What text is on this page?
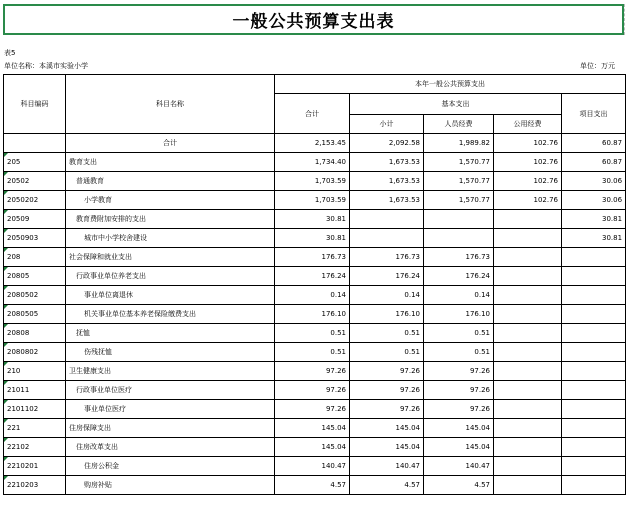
一般公共预算支出表
表5
单位名称：本溪市实验小学	单位：万元
科目编码	科目名称	本年一般公共预算支出				
		合计	基本支出			项目支出
			小计	人员经费	公用经费	
	合计	2,153.45	2,092.58	1,989.82	102.76	60.87
205	教育支出	1,734.40	1,673.53	1,570.77	102.76	60.87
20502	普通教育	1,703.59	1,673.53	1,570.77	102.76	30.06
2050202	小学教育	1,703.59	1,673.53	1,570.77	102.76	30.06
20509	教育费附加安排的支出	30.81				30.81
2050903	城市中小学校舍建设	30.81				30.81
208	社会保障和就业支出	176.73	176.73	176.73		
20805	行政事业单位养老支出	176.24	176.24	176.24		
2080502	事业单位离退休	0.14	0.14	0.14		
2080505	机关事业单位基本养老保险缴费支出	176.10	176.10	176.10		
20808	抚恤	0.51	0.51	0.51		
2080802	伤残抚恤	0.51	0.51	0.51		
210	卫生健康支出	97.26	97.26	97.26		
21011	行政事业单位医疗	97.26	97.26	97.26		
2101102	事业单位医疗	97.26	97.26	97.26		
221	住房保障支出	145.04	145.04	145.04		
22102	住房改革支出	145.04	145.04	145.04		
2210201	住房公积金	140.47	140.47	140.47		
2210203	购房补贴	4.57	4.57	4.57		
